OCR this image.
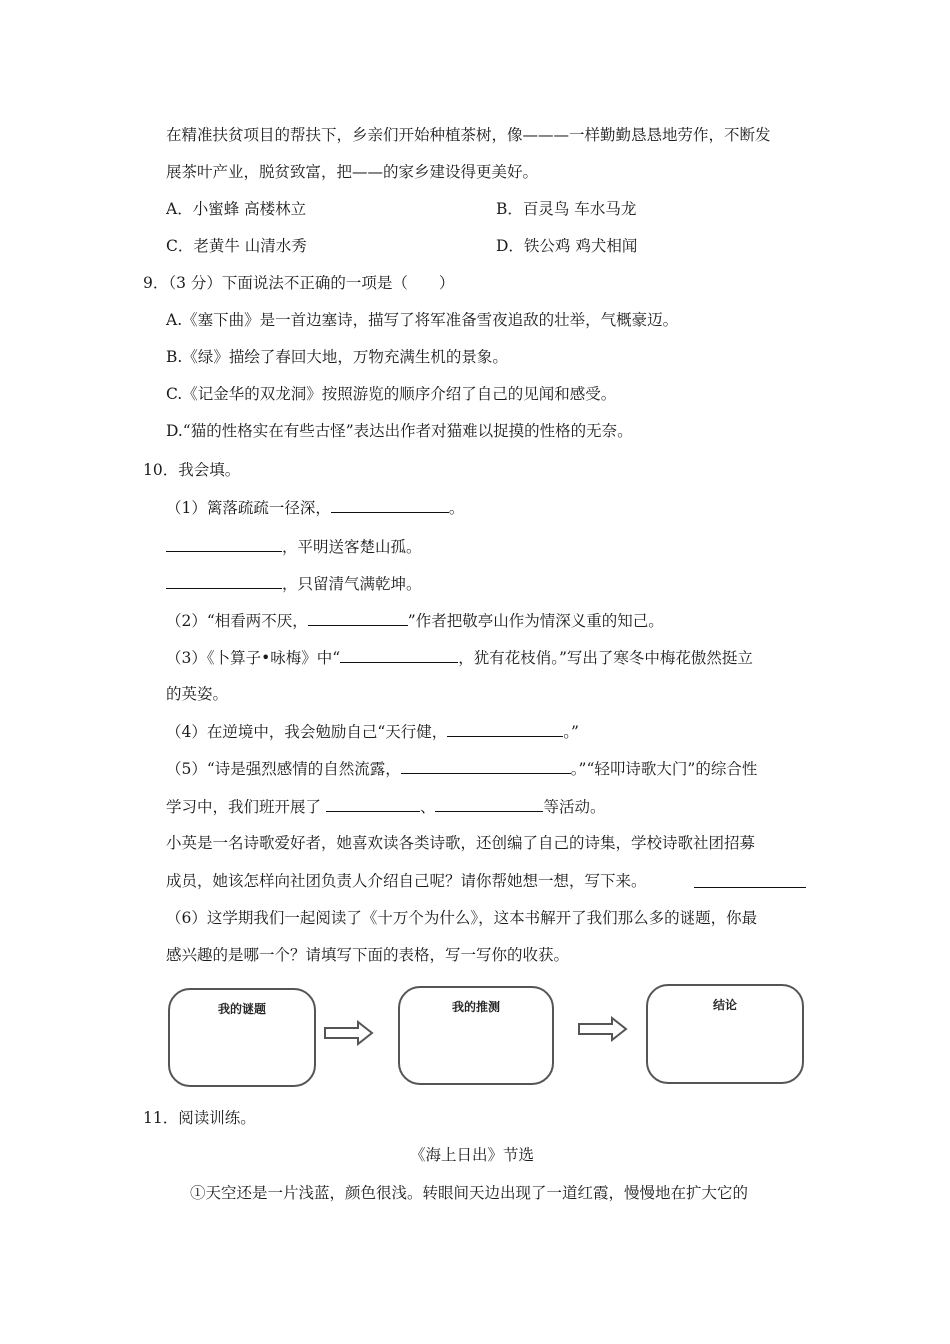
在精准扶贫项目的帮扶下，乡亲们开始种植茶树，像———一样勤勤恳恳地劳作，不断发
展茶叶产业，脱贫致富，把——的家乡建设得更美好。
A．小蜜蜂 高楼林立	B．百灵鸟 车水马龙
C．老黄牛 山清水秀	D．铁公鸡 鸡犬相闻
9．（3 分）下面说法不正确的一项是（　　）
A.《塞下曲》是一首边塞诗，描写了将军准备雪夜追敌的壮举，气概豪迈。
B.《绿》描绘了春回大地，万物充满生机的景象。
C.《记金华的双龙洞》按照游览的顺序介绍了自己的见闻和感受。
D.“猫的性格实在有些古怪”表达出作者对猫难以捉摸的性格的无奈。
10．我会填。
（1）篱落疏疏一径深，	。
，平明送客楚山孤。
，只留清气满乾坤。
（2）“相看两不厌，	”作者把敬亭山作为情深义重的知己。
（3）《卜算子•咏梅》中“	，犹有花枝俏。”写出了寒冬中梅花傲然挺立
的英姿。
（4）在逆境中，我会勉励自己“天行健，	。”
（5）“诗是强烈感情的自然流露，	。”“轻叩诗歌大门”的综合性
学习中，我们班开展了	、	等活动。
小英是一名诗歌爱好者，她喜欢读各类诗歌，还创编了自己的诗集，学校诗歌社团招募
成员，她该怎样向社团负责人介绍自己呢？请你帮她想一想，写下来。
（6）这学期我们一起阅读了《十万个为什么》，这本书解开了我们那么多的谜题，你最
感兴趣的是哪一个？请填写下面的表格，写一写你的收获。
我的谜题	我的推测	结论
11．阅读训练。
《海上日出》节选
①天空还是一片浅蓝，颜色很浅。转眼间天边出现了一道红霞，慢慢地在扩大它的
